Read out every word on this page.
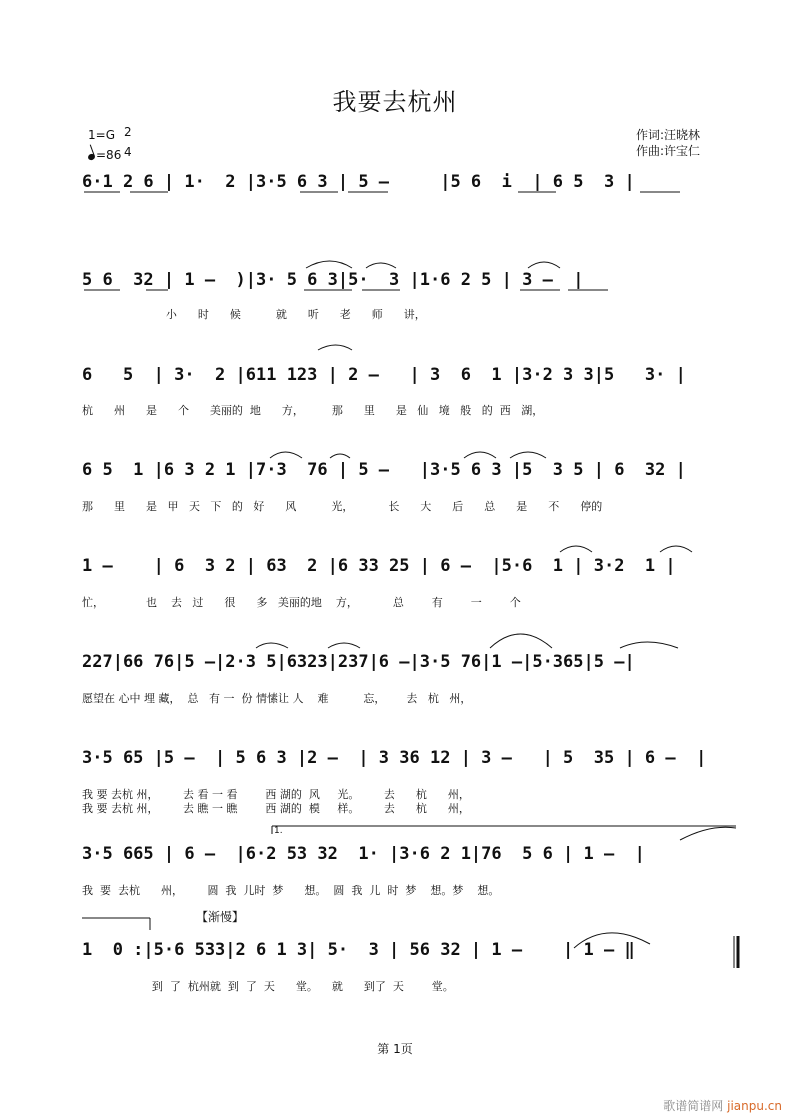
我要去杭州
1=G 2
4
=86
作词:汪晓林
作曲:许宝仁
6·1 2 6 | 1·  2 |3·5 6 3 | 5 –     |5 6  i  | 6 5  3 |
5 6  32 | 1 –  )|3· 5 6 3|5·  3 |1·6 2 5 | 3 –  |
小      时      候          就      听      老      师      讲，
6   5  | 3·  2 |611 123 | 2 –   | 3  6  1 |3·2 3 3|5   3· |
杭      州      是      个      美丽的  地      方，        那      里      是   仙   境   般   的  西   湖，
6 5  1 |6 3 2 1 |7·3  76 | 5 –   |3·5 6 3 |5  3 5 | 6  32 |
那      里      是   甲   天   下   的   好      风          光，          长      大      后      总      是      不      停的
1 –    | 6  3 2 | 63  2 |6 33 25 | 6 –  |5·6  1 | 3·2  1 |
忙，            也    去   过      很      多   美丽的地    方，          总        有        一        个
227|66 76|5 –|2·3 5|6323|237|6 –|3·5 76|1 –|5·365|5 –|
愿望在 心中 埋 藏，  总   有 一  份 情愫让 人    难          忘，      去   杭   州，
3·5 65 |5 –  | 5 6 3 |2 –  | 3 36 12 | 3 –   | 5  35 | 6 –  |
我 要 去杭 州，       去 看 一 看        西 湖的  风     光。       去      杭      州，
我 要 去杭 州，       去 瞧 一 瞧        西 湖的  模     样。       去      杭      州，
1.
3·5 665 | 6 –  |6·2 53 32  1· |3·6 2 1|76  5 6 | 1 –  |
我  要  去杭      州，       圆  我  儿时  梦      想。  圆  我  儿  时  梦    想。梦    想。
【渐慢】
1  0 :|5·6 533|2 6 1 3| 5·  3 | 56 32 | 1 –    | 1 – ‖
到  了  杭州就  到  了  天      堂。    就      到了  天        堂。
第 1页
歌谱简谱网 jianpu.cn
